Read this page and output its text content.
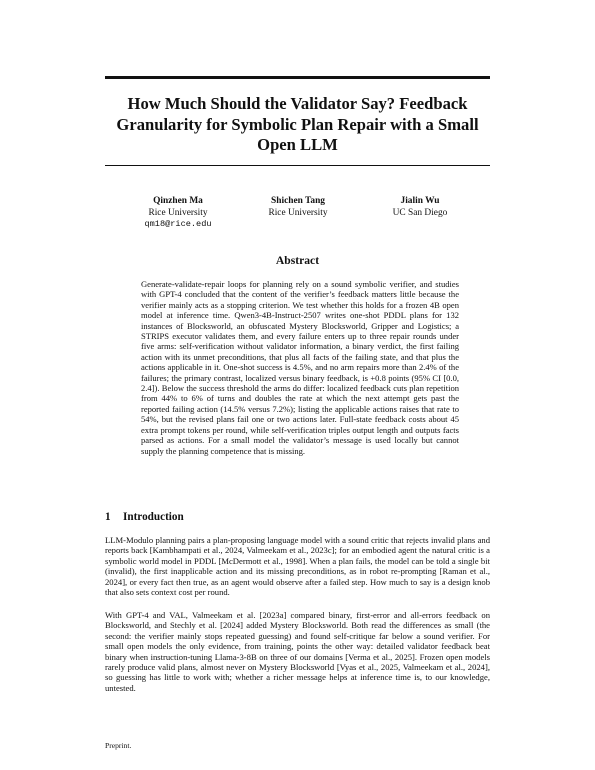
How Much Should the Validator Say? Feedback Granularity for Symbolic Plan Repair with a Small Open LLM
Qinzhen Ma
Rice University
qm18@rice.edu
Shichen Tang
Rice University
Jialin Wu
UC San Diego
Abstract

Generate-validate-repair loops for planning rely on a sound symbolic verifier, and studies with GPT-4 concluded that the content of the verifier’s feedback matters little because the verifier mainly acts as a stopping criterion. We test whether this holds for a frozen 4B open model at inference time. Qwen3-4B-Instruct-2507 writes one-shot PDDL plans for 132 instances of Blocksworld, an obfuscated Mystery Blocksworld, Gripper and Logistics; a STRIPS executor validates them, and every failure enters up to three repair rounds under five arms: self-verification without validator information, a binary verdict, the first failing action with its unmet preconditions, that plus all facts of the failing state, and that plus the actions applicable in it. One-shot success is 4.5%, and no arm repairs more than 2.4% of the failures; the primary contrast, localized versus binary feedback, is +0.8 points (95% CI [0.0, 2.4]). Below the success threshold the arms do differ: localized feedback cuts plan repetition from 44% to 6% of turns and doubles the rate at which the next attempt gets past the reported failing action (14.5% versus 7.2%); listing the applicable actions raises that rate to 54%, but the revised plans fail one or two actions later. Full-state feedback costs about 45 extra prompt tokens per round, while self-verification triples output length and outputs facts parsed as actions. For a small model the validator’s message is used locally but cannot supply the planning competence that is missing.

1 Introduction

LLM-Modulo planning pairs a plan-proposing language model with a sound critic that rejects invalid plans and reports back [Kambhampati et al., 2024, Valmeekam et al., 2023c]; for an embodied agent the natural critic is a symbolic world model in PDDL [McDermott et al., 1998]. When a plan fails, the model can be told a single bit (invalid), the first inapplicable action and its missing preconditions, as in robot re-prompting [Raman et al., 2024], or every fact then true, as an agent would observe after a failed step. How much to say is a design knob that also sets context cost per round.

With GPT-4 and VAL, Valmeekam et al. [2023a] compared binary, first-error and all-errors feedback on Blocksworld, and Stechly et al. [2024] added Mystery Blocksworld. Both read the differences as small (the second: the verifier mainly stops repeated guessing) and found self-critique far below a sound verifier. For small open models the only evidence, from training, points the other way: detailed validator feedback beat binary when instruction-tuning Llama-3-8B on three of our domains [Verma et al., 2025]. Frozen open models rarely produce valid plans, almost never on Mystery Blocksworld [Vyas et al., 2025, Valmeekam et al., 2024], so guessing has little to work with; whether a richer message helps at inference time is, to our knowledge, untested.

Preprint.
